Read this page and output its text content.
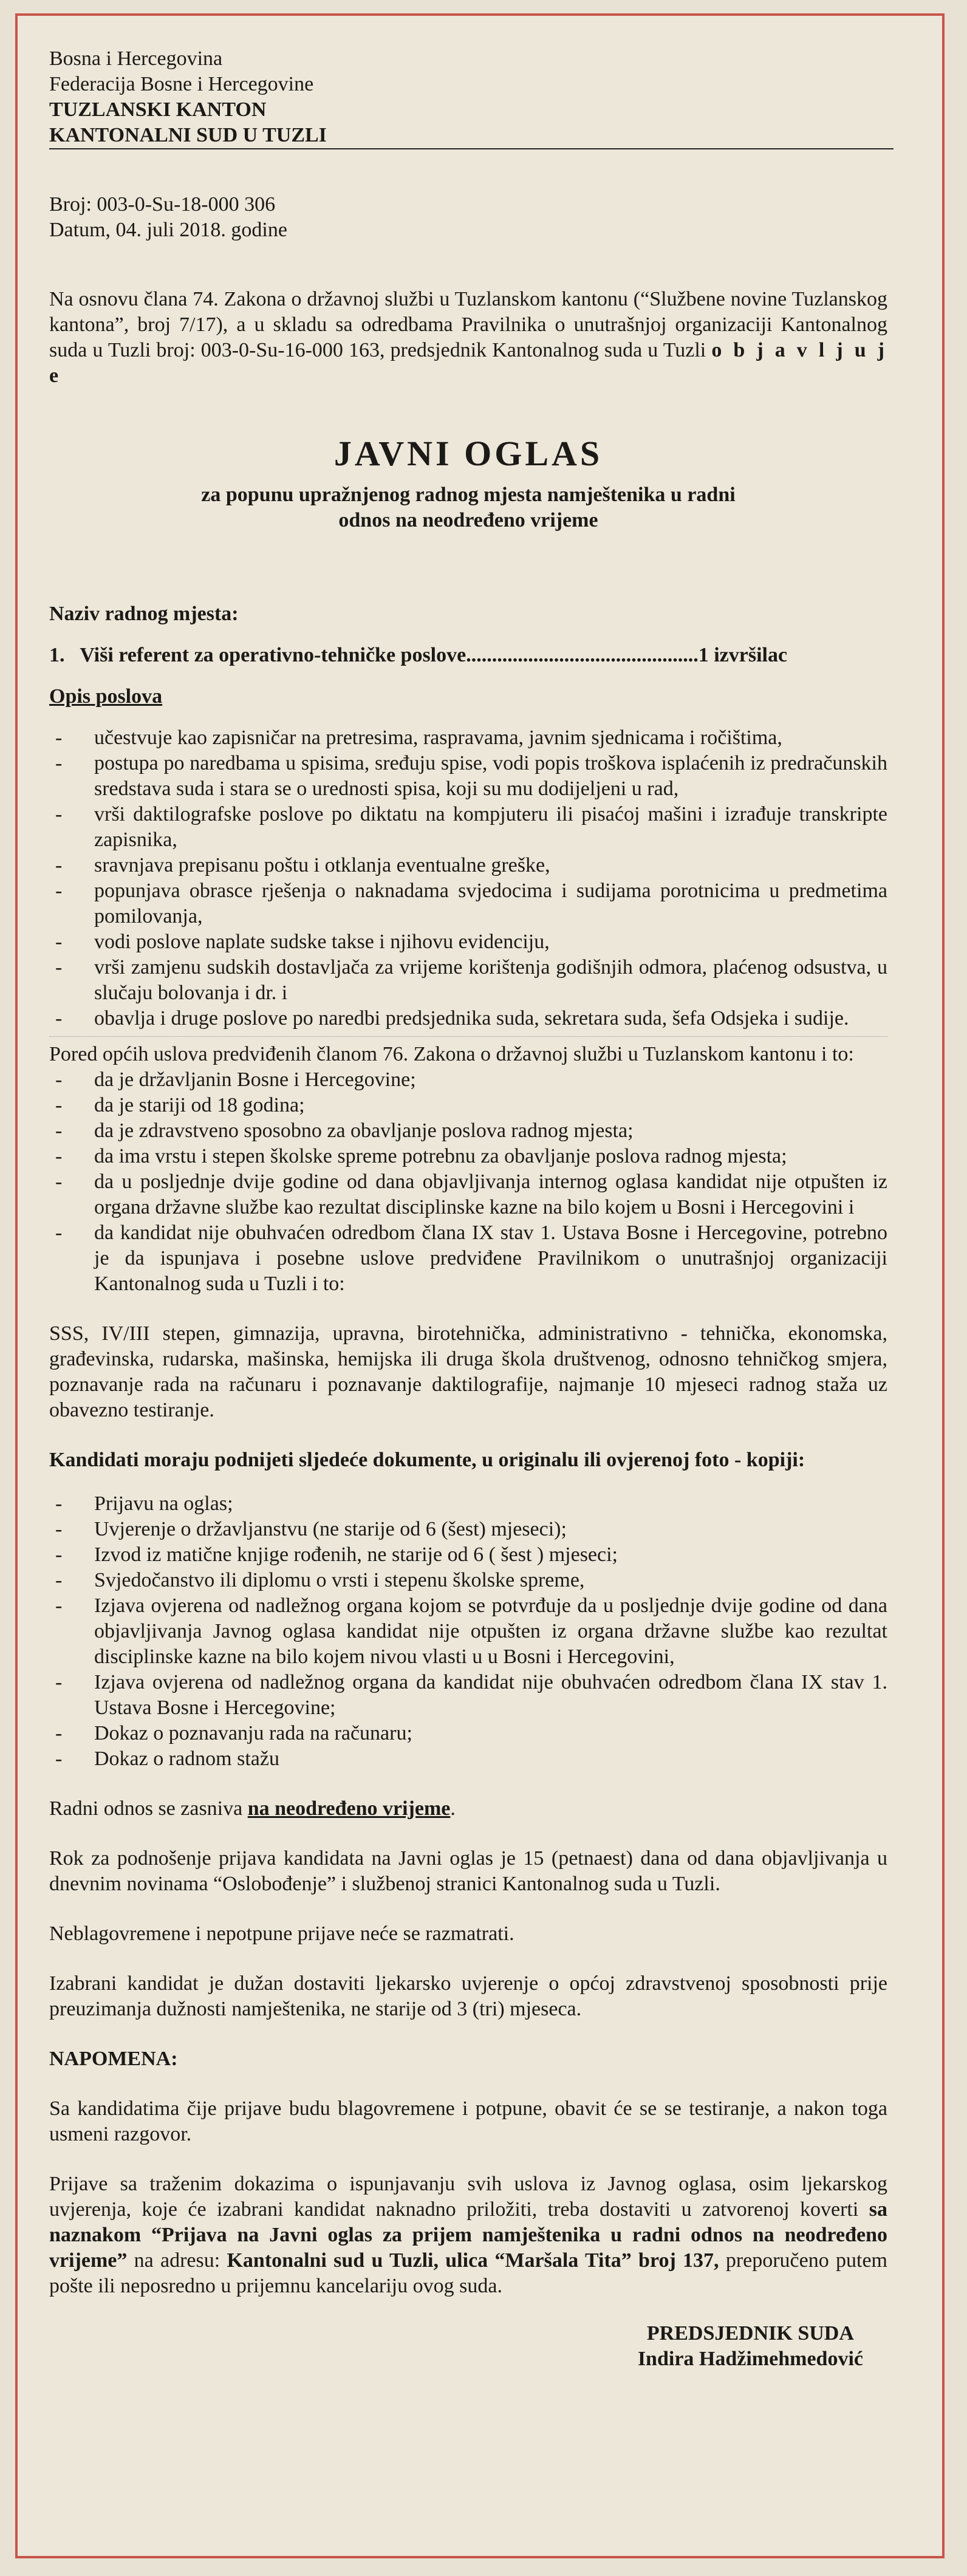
Bosna i Hercegovina
Federacija Bosne i Hercegovine
TUZLANSKI KANTON
KANTONALNI SUD U TUZLI
Broj: 003-0-Su-18-000 306
Datum, 04. juli 2018. godine

Na osnovu člana 74. Zakona o državnoj službi u Tuzlanskom kantonu (“Službene novine Tuzlanskog kantona”, broj 7/17), a u skladu sa odredbama Pravilnika o unutrašnjoj organizaciji Kantonalnog suda u Tuzli broj: 003-0-Su-16-000 163, predsjednik Kantonalnog suda u Tuzli o b j a v l j u j e

JAVNI OGLAS
za popunu upražnjenog radnog mjesta namještenika u radni
odnos na neodređeno vrijeme
Naziv radnog mjesta:
1.   Viši referent za operativno-tehničke poslove.............................................1 izvršilac
Opis poslova
- učestvuje kao zapisničar na pretresima, raspravama, javnim sjednicama i ročištima,
- postupa po naredbama u spisima, sređuju spise, vodi popis troškova isplaćenih iz predračunskih sredstava suda i stara se o urednosti spisa, koji su mu dodijeljeni u rad,
- vrši daktilografske poslove po diktatu na kompjuteru ili pisaćoj mašini i izrađuje transkripte zapisnika,
- sravnjava prepisanu poštu i otklanja eventualne greške,
- popunjava obrasce rješenja o naknadama svjedocima i sudijama porotnicima u predmetima pomilovanja,
- vodi poslove naplate sudske takse i njihovu evidenciju,
- vrši zamjenu sudskih dostavljača za vrijeme korištenja godišnjih odmora, plaćenog odsustva, u slučaju bolovanja i dr. i
- obavlja i druge poslove po naredbi predsjednika suda, sekretara suda, šefa Odsjeka i sudije.
Pored općih uslova predviđenih članom 76. Zakona o državnoj službi u Tuzlanskom kantonu i to:
- da je državljanin Bosne i Hercegovine;
- da je stariji od 18 godina;
- da je zdravstveno sposobno za obavljanje poslova radnog mjesta;
- da ima vrstu i stepen školske spreme potrebnu za obavljanje poslova radnog mjesta;
- da u posljednje dvije godine od dana objavljivanja internog oglasa kandidat nije otpušten iz organa državne službe kao rezultat disciplinske kazne na bilo kojem u Bosni i Hercegovini i
- da kandidat nije obuhvaćen odredbom člana IX stav 1. Ustava Bosne i Hercegovine, potrebno je da ispunjava i posebne uslove predviđene Pravilnikom o unutrašnjoj organizaciji Kantonalnog suda u Tuzli i to:

SSS, IV/III stepen, gimnazija, upravna, birotehnička, administrativno - tehnička, ekonomska, građevinska, rudarska, mašinska, hemijska ili druga škola društvenog, odnosno tehničkog smjera, poznavanje rada na računaru i poznavanje daktilografije, najmanje 10 mjeseci radnog staža uz obavezno testiranje.

Kandidati moraju podnijeti sljedeće dokumente, u originalu ili ovjerenoj foto - kopiji:
- Prijavu na oglas;
- Uvjerenje o državljanstvu (ne starije od 6 (šest) mjeseci);
- Izvod iz matične knjige rođenih, ne starije od 6 ( šest ) mjeseci;
- Svjedočanstvo ili diplomu o vrsti i stepenu školske spreme,
- Izjava ovjerena od nadležnog organa kojom se potvrđuje da u posljednje dvije godine od dana objavljivanja Javnog oglasa kandidat nije otpušten iz organa državne službe kao rezultat disciplinske kazne na bilo kojem nivou vlasti u u Bosni i Hercegovini,
- Izjava ovjerena od nadležnog organa da kandidat nije obuhvaćen odredbom člana IX stav 1. Ustava Bosne i Hercegovine;
- Dokaz o poznavanju rada na računaru;
- Dokaz o radnom stažu

Radni odnos se zasniva na neodređeno vrijeme.

Rok za podnošenje prijava kandidata na Javni oglas je 15 (petnaest) dana od dana objavljivanja u dnevnim novinama “Oslobođenje” i službenoj stranici Kantonalnog suda u Tuzli.

Neblagovremene i nepotpune prijave neće se razmatrati.

Izabrani kandidat je dužan dostaviti ljekarsko uvjerenje o općoj zdravstvenoj sposobnosti prije preuzimanja dužnosti namještenika, ne starije od 3 (tri) mjeseca.

NAPOMENA:

Sa kandidatima čije prijave budu blagovremene i potpune, obavit će se se testiranje, a nakon toga usmeni razgovor.

Prijave sa traženim dokazima o ispunjavanju svih uslova iz Javnog oglasa, osim ljekarskog uvjerenja, koje će izabrani kandidat naknadno priložiti, treba dostaviti u zatvorenoj koverti sa naznakom “Prijava na Javni oglas za prijem namještenika u radni odnos na neodređeno vrijeme” na adresu: Kantonalni sud u Tuzli, ulica “Maršala Tita” broj 137, preporučeno putem pošte ili neposredno u prijemnu kancelariju ovog suda.

PREDSJEDNIK SUDA
Indira Hadžimehmedović
